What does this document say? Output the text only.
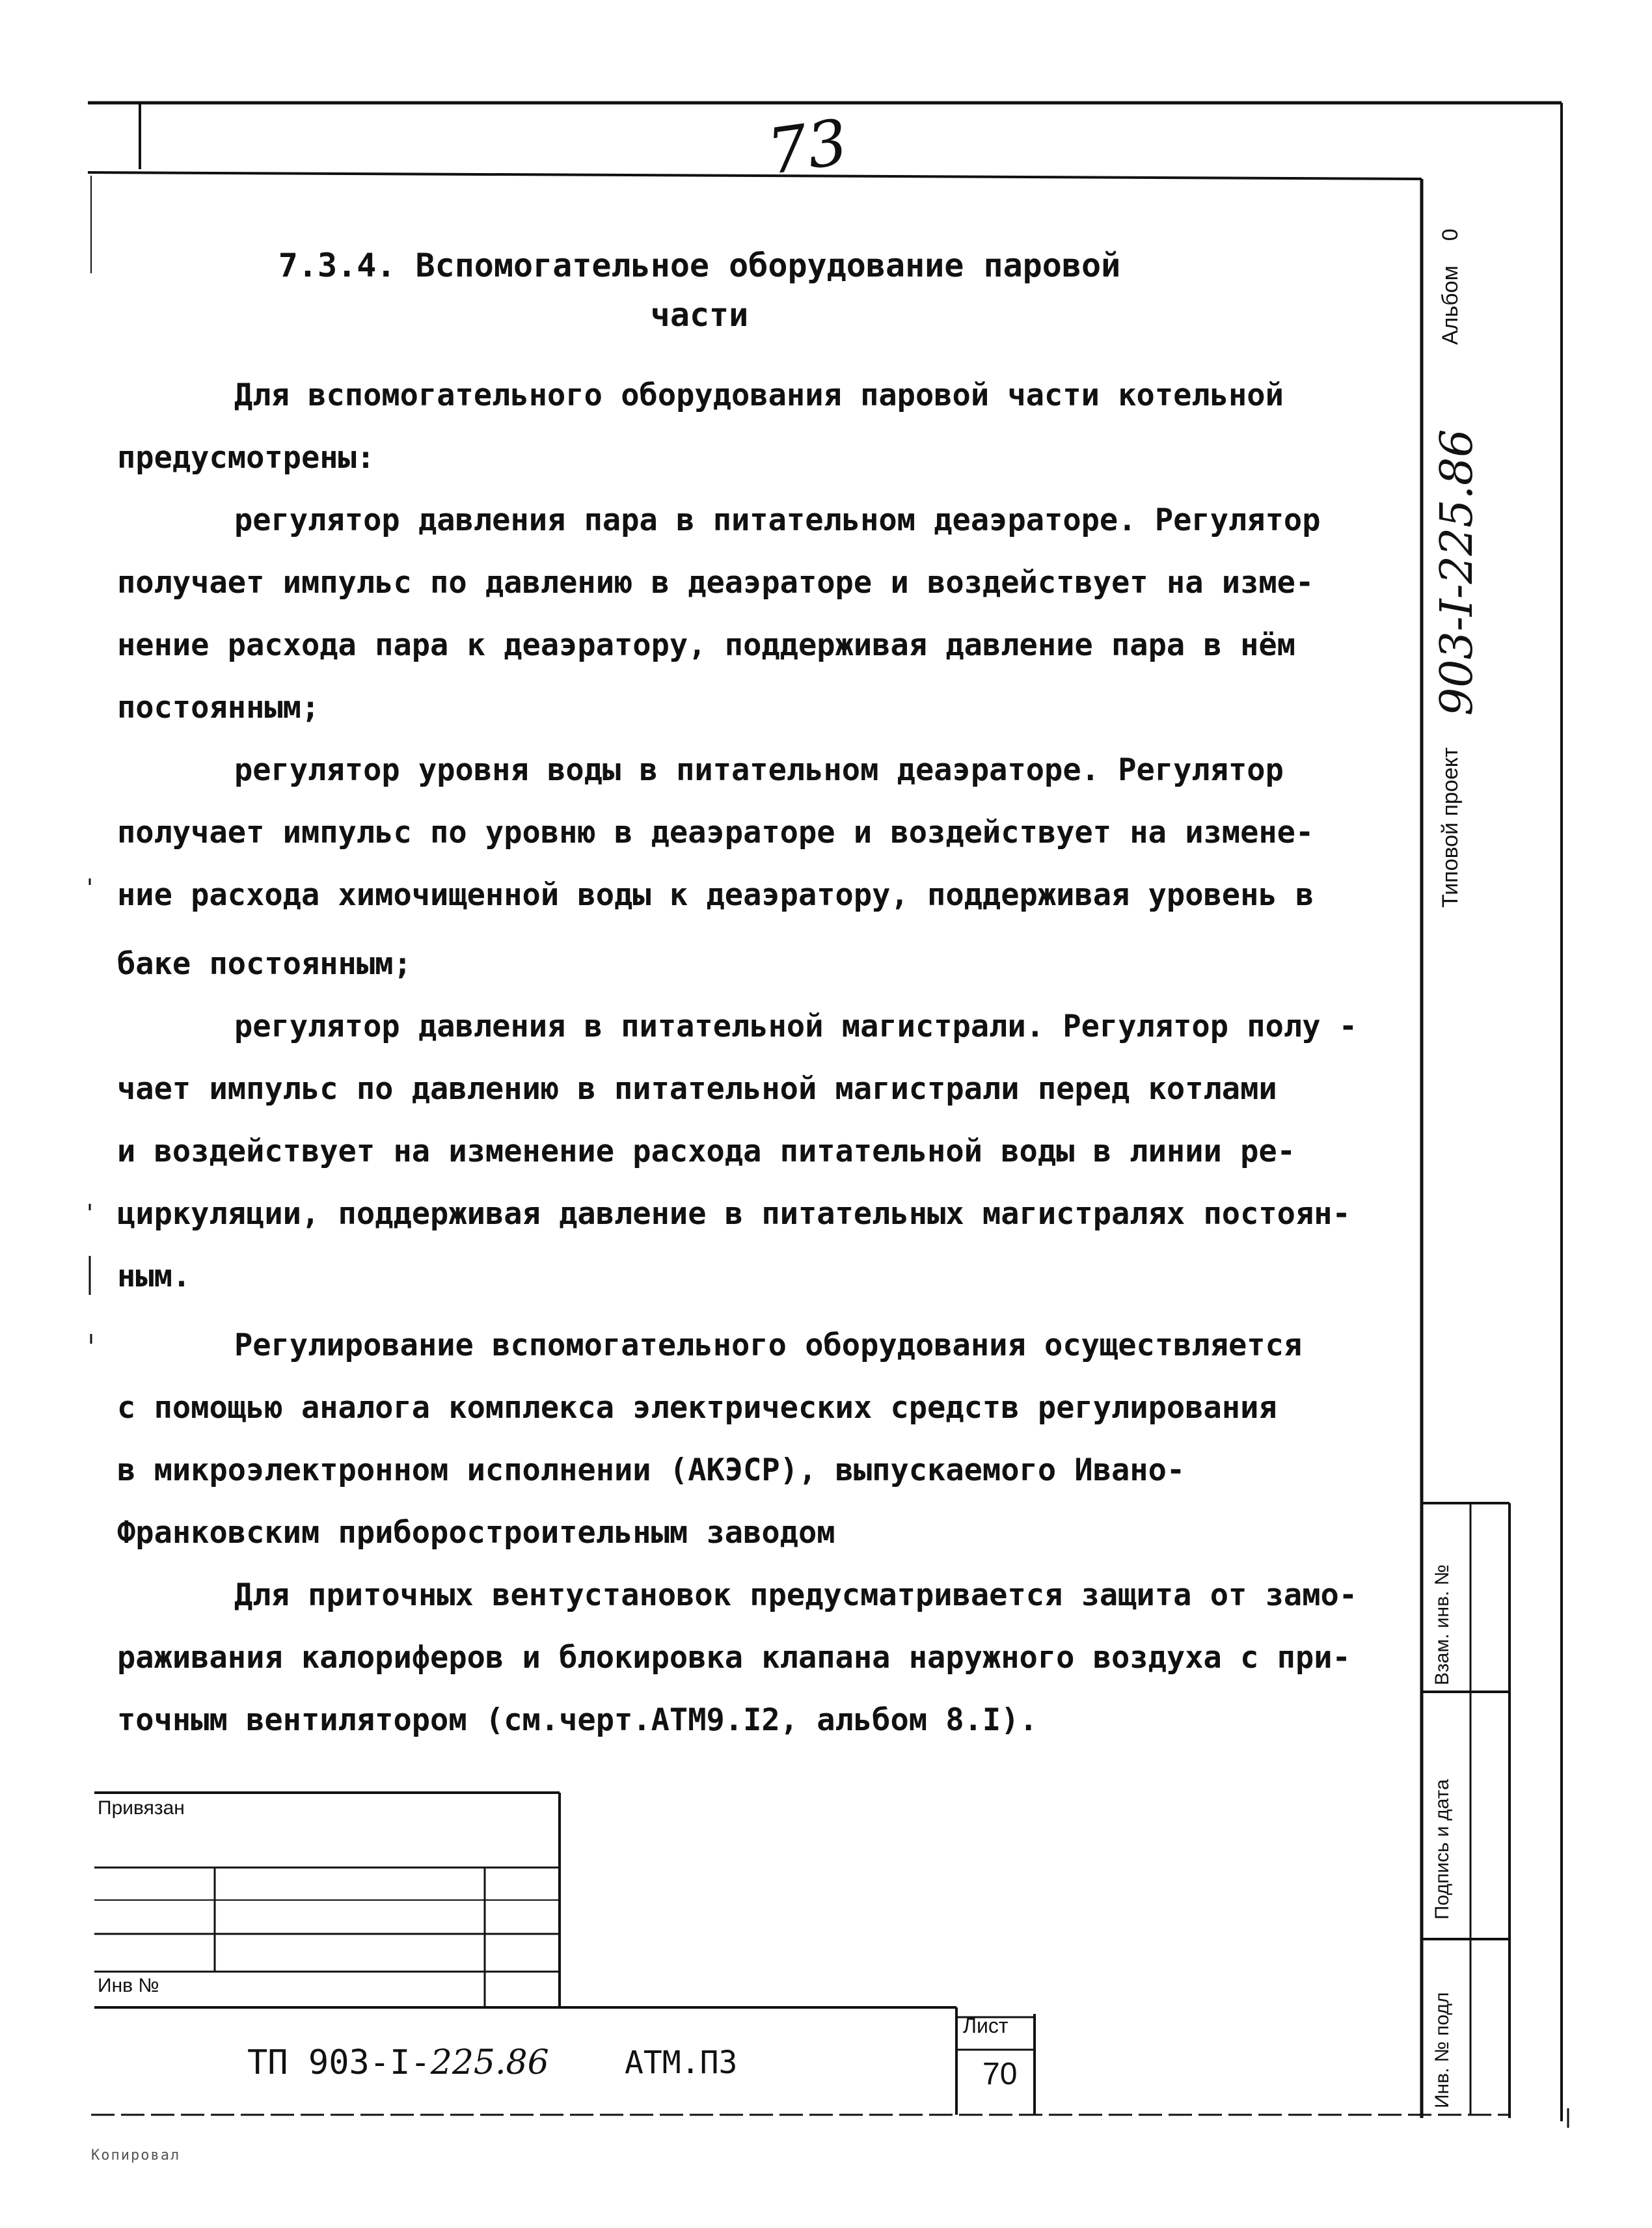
73
7.3.4. Вспомогательное оборудование паровой
части

Для вспомогательного оборудования паровой части котельной

предусмотрены:

регулятор давления пара в питательном деаэраторе. Регулятор

получает импульс по давлению в деаэраторе и воздействует на изме-

нение расхода пара к деаэратору, поддерживая давление пара в нём

постоянным;

регулятор уровня воды в питательном деаэраторе. Регулятор

получает импульс по уровню в деаэраторе и воздействует на измене-

ние расхода химочищенной воды к деаэратору, поддерживая уровень в

баке постоянным;

регулятор давления в питательной магистрали. Регулятор полу -

чает импульс по давлению в питательной магистрали перед котлами

и воздействует на изменение расхода питательной воды в линии ре-

циркуляции, поддерживая давление в питательных магистралях постоян-

ным.

Регулирование вспомогательного оборудования осуществляется

с помощью аналога комплекса электрических средств регулирования

в микроэлектронном исполнении (АКЭСР), выпускаемого Ивано-

Франковским приборостроительным заводом

Для приточных вентустановок предусматривается защита от замо-

раживания калориферов и блокировка клапана наружного воздуха с при-

точным вентилятором (см.черт.АТМ9.I2, альбом 8.I).

Альбом    0
Типовой проект
903-I-225.86
Взам. инв. №
Подпись и дата
Инв. № подл
Привязан
Инв №
ТП 903-I-225.86 АТМ.ПЗ
Лист
70
Копировал
